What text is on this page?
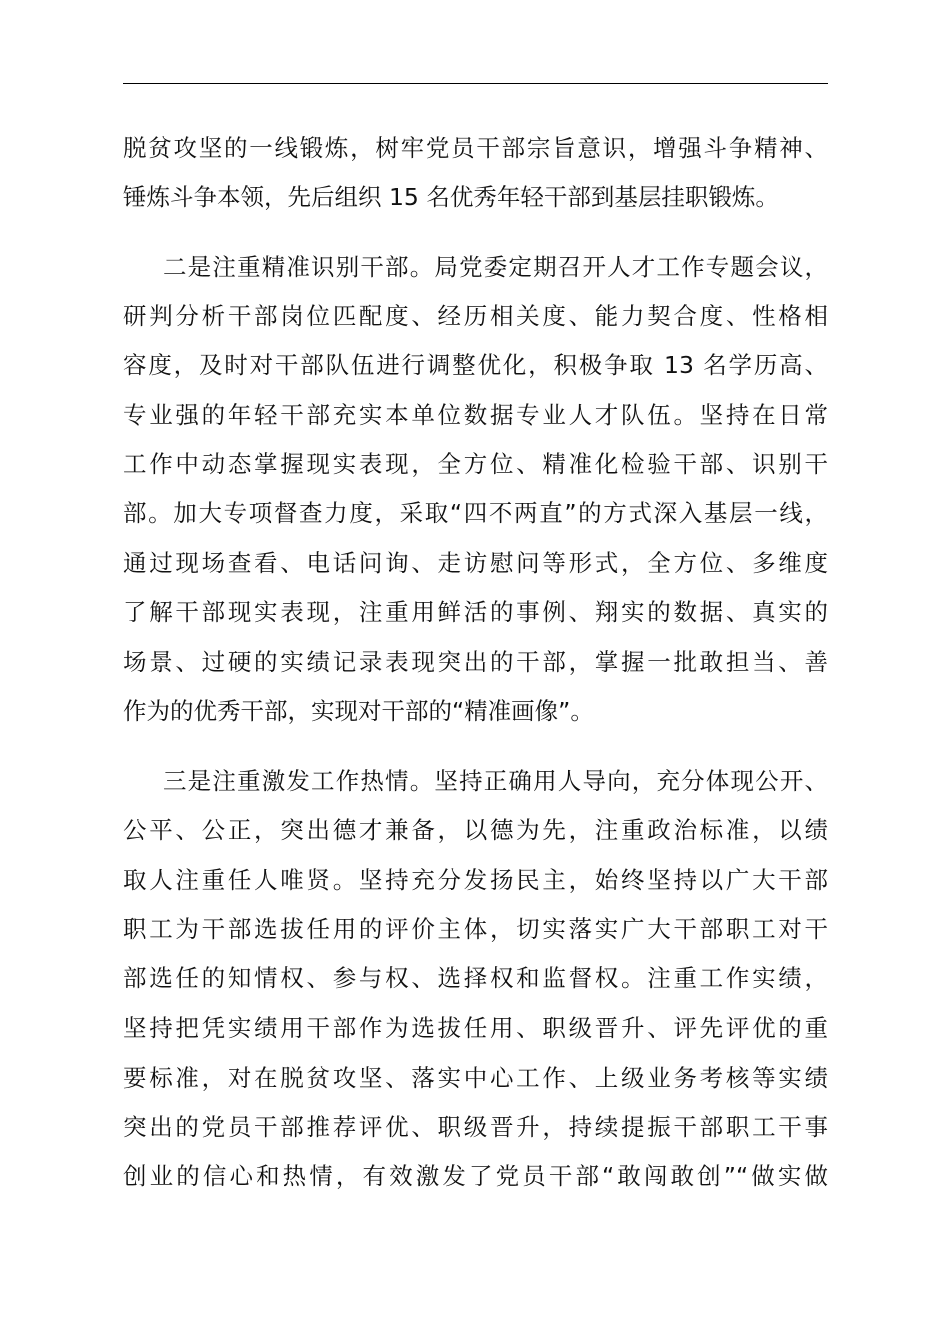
脱贫攻坚的一线锻炼，树牢党员干部宗旨意识，增强斗争精神、
锤炼斗争本领，先后组织 15 名优秀年轻干部到基层挂职锻炼。
二是注重精准识别干部。局党委定期召开人才工作专题会议，
研判分析干部岗位匹配度、经历相关度、能力契合度、性格相
容度，及时对干部队伍进行调整优化，积极争取 13 名学历高、
专业强的年轻干部充实本单位数据专业人才队伍。坚持在日常
工作中动态掌握现实表现，全方位、精准化检验干部、识别干
部。加大专项督查力度，采取“四不两直”的方式深入基层一线，
通过现场查看、电话问询、走访慰问等形式，全方位、多维度
了解干部现实表现，注重用鲜活的事例、翔实的数据、真实的
场景、过硬的实绩记录表现突出的干部，掌握一批敢担当、善
作为的优秀干部，实现对干部的“精准画像”。
三是注重激发工作热情。坚持正确用人导向，充分体现公开、
公平、公正，突出德才兼备，以德为先，注重政治标准，以绩
取人注重任人唯贤。坚持充分发扬民主，始终坚持以广大干部
职工为干部选拔任用的评价主体，切实落实广大干部职工对干
部选任的知情权、参与权、选择权和监督权。注重工作实绩，
坚持把凭实绩用干部作为选拔任用、职级晋升、评先评优的重
要标准，对在脱贫攻坚、落实中心工作、上级业务考核等实绩
突出的党员干部推荐评优、职级晋升，持续提振干部职工干事
创业的信心和热情，有效激发了党员干部“敢闯敢创”“做实做
